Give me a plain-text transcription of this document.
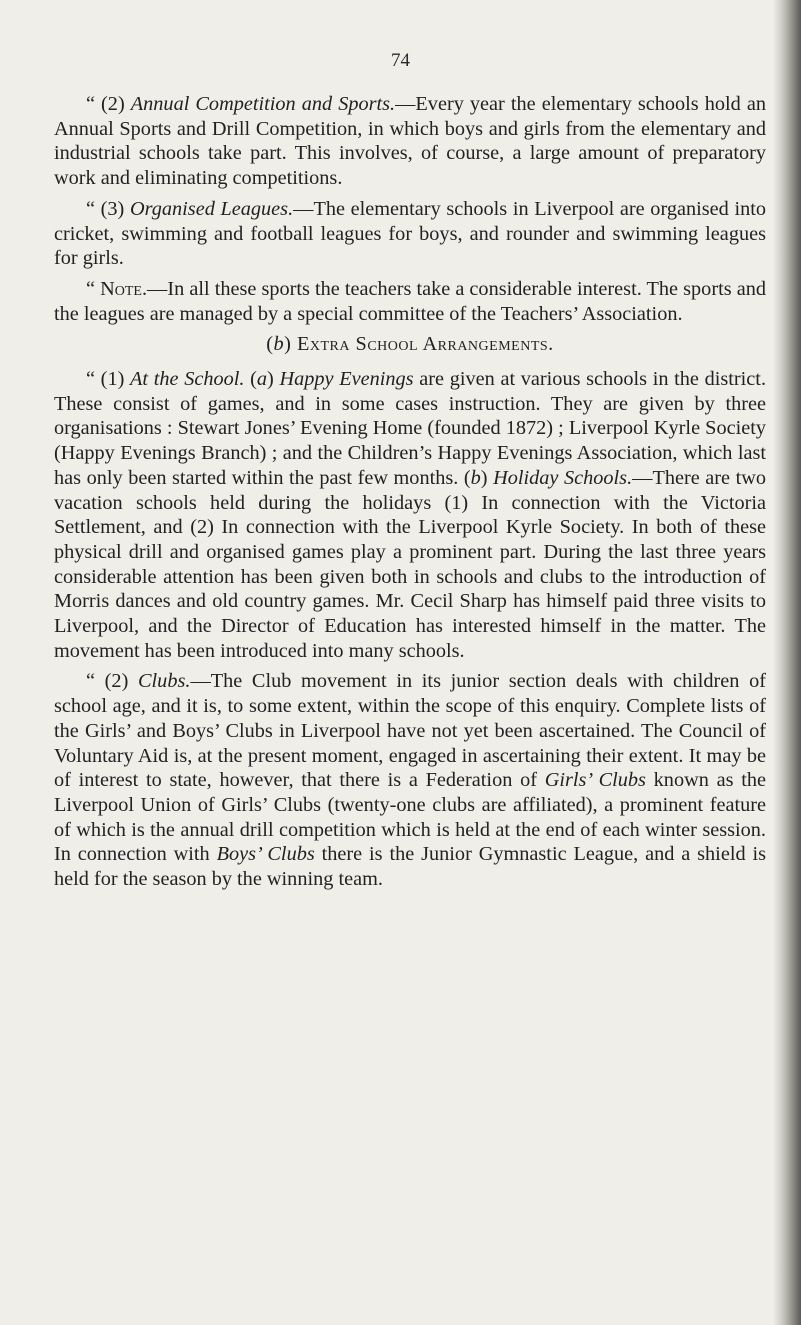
74

“ (2) Annual Competition and Sports.—Every year the elementary schools hold an Annual Sports and Drill Competition, in which boys and girls from the elementary and industrial schools take part. This involves, of course, a large amount of preparatory work and eliminating competitions.

“ (3) Organised Leagues.—The elementary schools in Liverpool are organised into cricket, swimming and football leagues for boys, and rounder and swimming leagues for girls.

“ Note.—In all these sports the teachers take a considerable interest. The sports and the leagues are managed by a special committee of the Teachers’ Association.

(b) Extra School Arrangements.

“ (1) At the School. (a) Happy Evenings are given at various schools in the district. These consist of games, and in some cases instruction. They are given by three organisations : Stewart Jones’ Evening Home (founded 1872) ; Liverpool Kyrle Society (Happy Evenings Branch) ; and the Children’s Happy Evenings Association, which last has only been started within the past few months. (b) Holiday Schools.—There are two vacation schools held during the holidays (1) In connection with the Victoria Settlement, and (2) In connection with the Liverpool Kyrle Society. In both of these physical drill and organised games play a prominent part. During the last three years considerable attention has been given both in schools and clubs to the introduction of Morris dances and old country games. Mr. Cecil Sharp has himself paid three visits to Liverpool, and the Director of Education has interested himself in the matter. The movement has been introduced into many schools.

“ (2) Clubs.—The Club movement in its junior section deals with children of school age, and it is, to some extent, within the scope of this enquiry. Complete lists of the Girls’ and Boys’ Clubs in Liverpool have not yet been ascertained. The Council of Voluntary Aid is, at the present moment, engaged in ascertaining their extent. It may be of interest to state, however, that there is a Federation of Girls’ Clubs known as the Liverpool Union of Girls’ Clubs (twenty-one clubs are affiliated), a prominent feature of which is the annual drill competition which is held at the end of each winter session. In connection with Boys’ Clubs there is the Junior Gymnastic League, and a shield is held for the season by the winning team.
